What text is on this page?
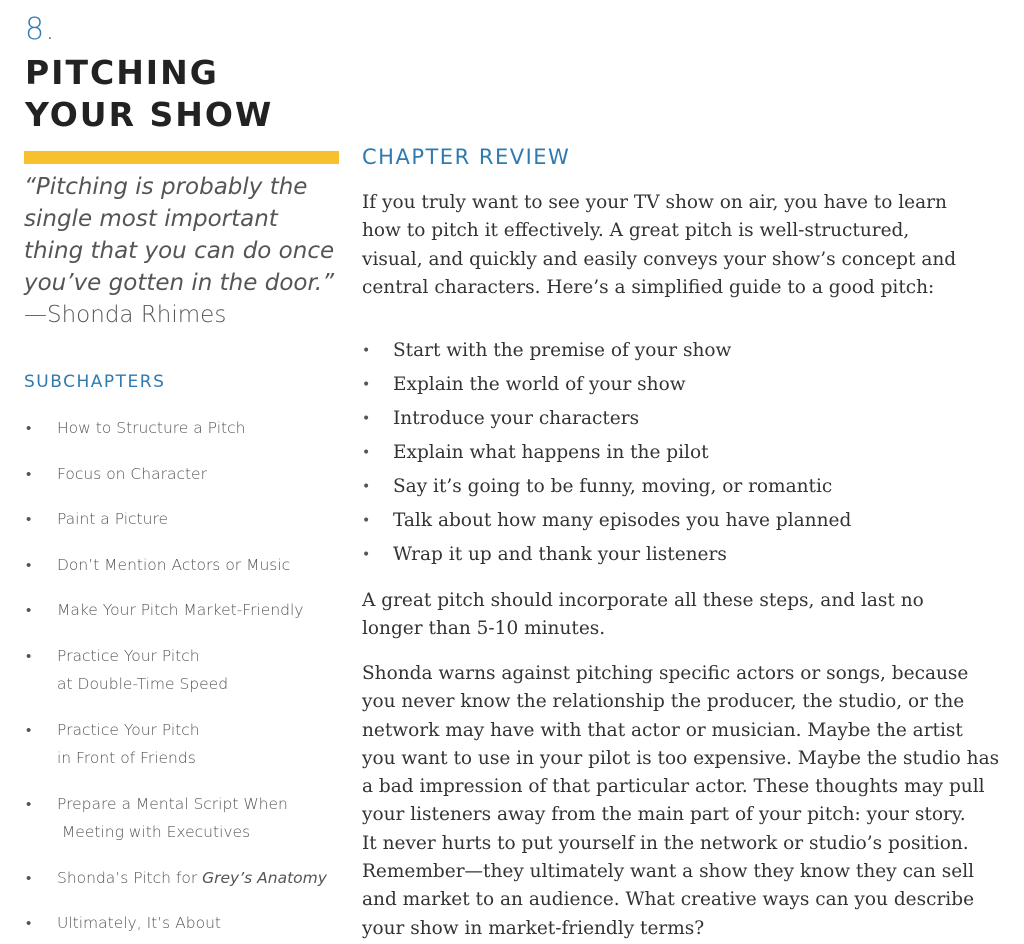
8.
PITCHING
YOUR SHOW
“Pitching is probably the
single most important
thing that you can do once
you’ve gotten in the door.”
—Shonda Rhimes
SUBCHAPTERS
• How to Structure a Pitch
• Focus on Character
• Paint a Picture
• Don’t Mention Actors or Music
• Make Your Pitch Market-Friendly
• Practice Your Pitch
at Double-Time Speed
• Practice Your Pitch
in Front of Friends
• Prepare a Mental Script When
Meeting with Executives
• Shonda’s Pitch for Grey’s Anatomy
• Ultimately, It’s About
CHAPTER REVIEW

If you truly want to see your TV show on air, you have to learn
how to pitch it effectively. A great pitch is well-structured,
visual, and quickly and easily conveys your show’s concept and
central characters. Here’s a simplified guide to a good pitch:

• Start with the premise of your show
• Explain the world of your show
• Introduce your characters
• Explain what happens in the pilot
• Say it’s going to be funny, moving, or romantic
• Talk about how many episodes you have planned
• Wrap it up and thank your listeners

A great pitch should incorporate all these steps, and last no
longer than 5-10 minutes.

Shonda warns against pitching specific actors or songs, because
you never know the relationship the producer, the studio, or the
network may have with that actor or musician. Maybe the artist
you want to use in your pilot is too expensive. Maybe the studio has
a bad impression of that particular actor. These thoughts may pull
your listeners away from the main part of your pitch: your story.
It never hurts to put yourself in the network or studio’s position.
Remember—they ultimately want a show they know they can sell
and market to an audience. What creative ways can you describe
your show in market-friendly terms?
